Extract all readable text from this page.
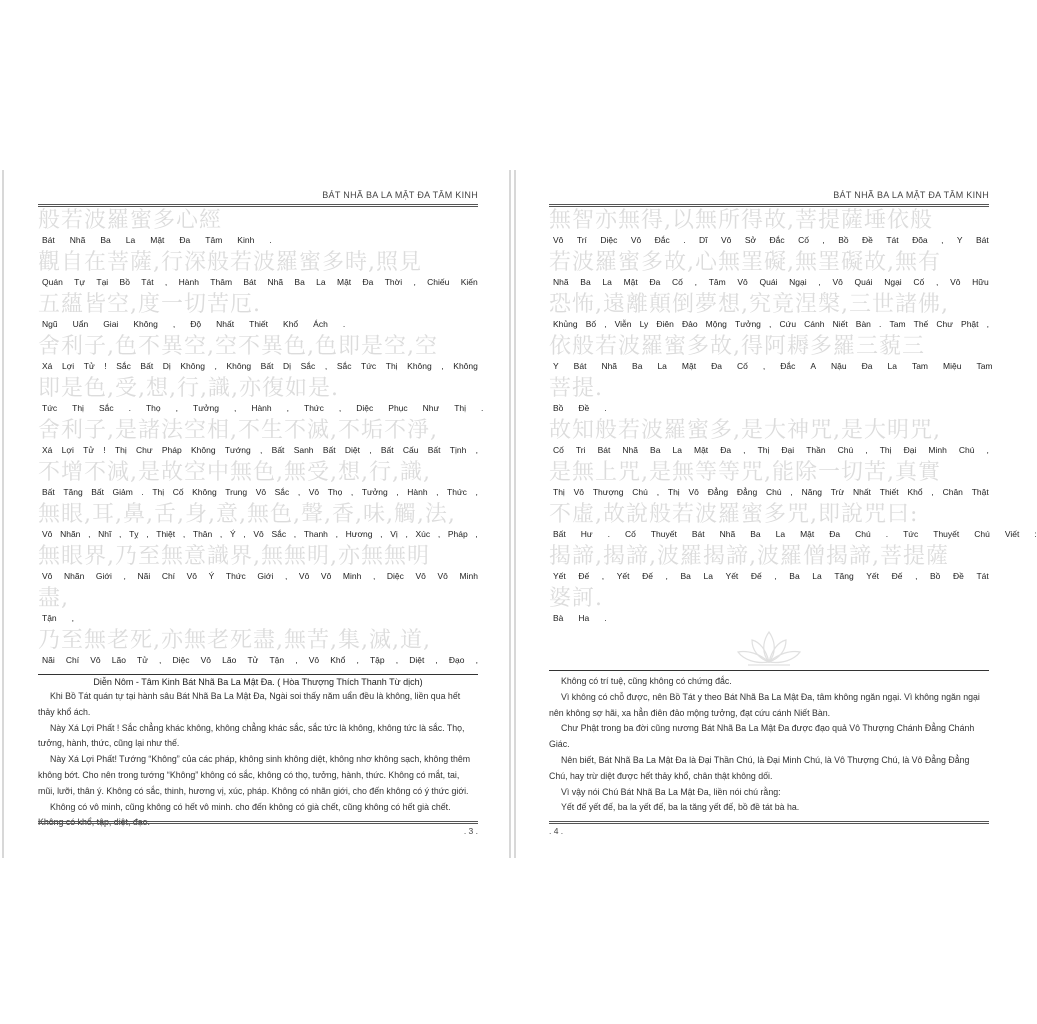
BÁT NHÃ BA LA MẬT ĐA TÂM KINH
般若波羅蜜多心經
Bát Nhã Ba La Mật Đa Tâm Kinh .
觀自在菩薩,行深般若波羅蜜多時,照見
Quán Tự Tại Bồ Tát , Hành Thâm Bát Nhã Ba La Mật Đa Thời , Chiếu Kiến
五蘊皆空,度一切苦厄.
Ngũ Uẩn Giai Không , Độ Nhất Thiết Khổ Ách .
舍利子,色不異空,空不異色,色即是空,空
Xá Lợi Tử ! Sắc Bất Dị Không , Không Bất Dị Sắc , Sắc Tức Thị Không , Không
即是色,受,想,行,識,亦復如是.
Tức Thị Sắc . Thọ , Tưởng , Hành , Thức , Diệc Phục Như Thị .
舍利子,是諸法空相,不生不滅,不垢不淨,
Xá Lợi Tử ! Thị Chư Pháp Không Tướng , Bất Sanh Bất Diệt , Bất Cấu Bất Tịnh ,
不增不減,是故空中無色,無受,想,行,識,
Bất Tăng Bất Giảm . Thị Cố Không Trung Vô Sắc , Vô Thọ , Tưởng , Hành , Thức ,
無眼,耳,鼻,舌,身,意,無色,聲,香,味,觸,法,
Vô Nhãn , Nhĩ , Tỵ , Thiệt , Thân , Ý , Vô Sắc , Thanh , Hương , Vị , Xúc , Pháp ,
無眼界,乃至無意識界,無無明,亦無無明
Vô Nhãn Giới , Nãi Chí Vô Ý Thức Giới , Vô Vô Minh , Diệc Vô Vô Minh
盡,
Tận ,
乃至無老死,亦無老死盡,無苦,集,滅,道,
Nãi Chí Vô Lão Tử , Diệc Vô Lão Tử Tận , Vô Khổ , Tập , Diệt , Đạo ,
Diễn Nôm - Tâm Kinh Bát Nhã Ba La Mật Đa. ( Hòa Thượng Thích Thanh Từ dịch)

Khi Bồ Tát quán tự tại hành sâu Bát Nhã Ba La Mật Đa, Ngài soi thấy năm uẩn đều là không, liền qua hết thảy khổ ách.

Này Xá Lợi Phất ! Sắc chẳng khác không, không chẳng khác sắc, sắc tức là không, không tức là sắc. Thọ, tưởng, hành, thức, cũng lại như thế.

Này Xá Lợi Phất! Tướng “Không” của các pháp, không sinh không diệt, không nhơ không sạch, không thêm không bớt. Cho nên trong tướng “Không” không có sắc, không có thọ, tưởng, hành, thức. Không có mắt, tai, mũi, lưỡi, thân ý. Không có sắc, thinh, hương vị, xúc, pháp. Không có nhãn giới, cho đến không có ý thức giới.

Không có vô minh, cũng không có hết vô minh. cho đến không có già chết, cũng không có hết già chết. Không có khổ, tập, diệt, đạo.

. 3 .
BÁT NHÃ BA LA MẬT ĐA TÂM KINH
無智亦無得,以無所得故,菩提薩埵依般
Vô Trí Diệc Vô Đắc . Dĩ Vô Sở Đắc Cố , Bồ Đề Tát Đõa , Y Bát
若波羅蜜多故,心無罣礙,無罣礙故,無有
Nhã Ba La Mật Đa Cố , Tâm Vô Quái Ngại , Vô Quái Ngại Cố , Vô Hữu
恐怖,遠離顛倒夢想,究竟涅槃,三世諸佛,
Khủng Bố , Viễn Ly Điên Đảo Mộng Tưởng , Cứu Cánh Niết Bàn . Tam Thế Chư Phật ,
依般若波羅蜜多故,得阿耨多羅三藐三
Y Bát Nhã Ba La Mật Đa Cố , Đắc A Nậu Đa La Tam Miệu Tam
菩提.
Bồ Đề .
故知般若波羅蜜多,是大神咒,是大明咒,
Cố Tri Bát Nhã Ba La Mật Đa , Thị Đại Thần Chú , Thị Đại Minh Chú ,
是無上咒,是無等等咒,能除一切苦,真實
Thị Vô Thượng Chú , Thị Vô Đẳng Đẳng Chú , Năng Trừ Nhất Thiết Khổ , Chân Thật
不虛,故說般若波羅蜜多咒,即說咒曰:
Bất Hư . Cố Thuyết Bát Nhã Ba La Mật Đa Chú . Tức Thuyết Chú Viết :
揭諦,揭諦,波羅揭諦,波羅僧揭諦,菩提薩
Yết Đế , Yết Đế , Ba La Yết Đế , Ba La Tăng Yết Đế , Bồ Đề Tát
婆訶.
Bà Ha .

Không có trí tuệ, cũng không có chứng đắc.

Vì không có chỗ được, nên Bồ Tát y theo Bát Nhã Ba La Mật Đa, tâm không ngăn ngại. Vì không ngăn ngại nên không sợ hãi, xa hẳn điên đảo mộng tưởng, đạt cứu cánh Niết Bàn.

Chư Phật trong ba đời cũng nương Bát Nhã Ba La Mật Đa được đạo quả Vô Thượng Chánh Đẳng Chánh Giác.

Nên biết, Bát Nhã Ba La Mật Đa là Đại Thần Chú, là Đại Minh Chú, là Vô Thượng Chú, là Vô Đẳng Đẳng Chú, hay trừ diệt được hết thảy khổ, chân thật không dối.

Vì vậy nói Chú Bát Nhã Ba La Mật Đa, liền nói chú rằng:

Yết đế yết đế, ba la yết đế, ba la tăng yết đế, bồ đề tát bà ha.

. 4 .
